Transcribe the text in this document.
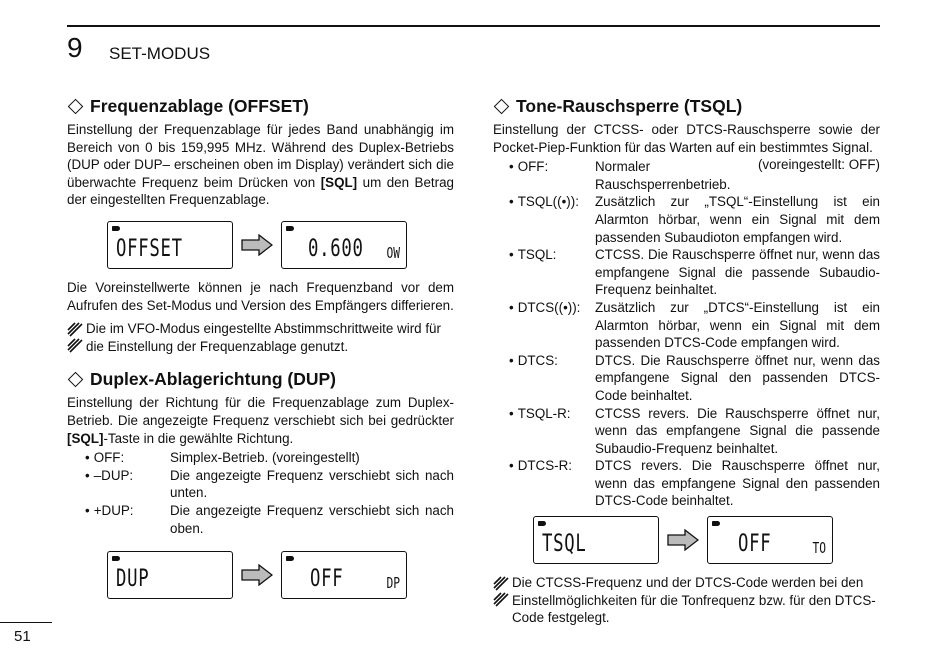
9 SET-MODUS
Frequenzablage (OFFSET)

Einstellung der Frequenzablage für jedes Band unabhängig im Bereich von 0 bis 159,995 MHz. Während des Duplex-Betriebs (DUP oder DUP– erscheinen oben im Display) verändert sich die überwachte Frequenz beim Drücken von [SQL] um den Betrag der eingestellten Frequenzablage.

OFFSET	0.600 OW

Die Voreinstellwerte können je nach Frequenzband vor dem Aufrufen des Set-Modus und Version des Empfängers differieren.

Die im VFO-Modus eingestellte Abstimmschrittweite wird für die Einstellung der Frequenzablage genutzt.

Duplex-Ablagerichtung (DUP)

Einstellung der Richtung für die Frequenzablage zum Duplex-Betrieb. Die angezeigte Frequenz verschiebt sich bei gedrückter [SQL]-Taste in die gewählte Richtung.

• OFF:	Simplex-Betrieb. (voreingestellt)
• –DUP:	Die angezeigte Frequenz verschiebt sich nach unten.
• +DUP:	Die angezeigte Frequenz verschiebt sich nach oben.
DUP	OFF	DP
Tone-Rauschsperre (TSQL)

Einstellung der CTCSS- oder DTCS-Rauschsperre sowie der Pocket-Piep-Funktion für das Warten auf ein bestimmtes Signal.
(voreingestellt: OFF)

• OFF:	Normaler Rauschsperrenbetrieb.
• TSQL((•)):	Zusätzlich zur „TSQL“-Einstellung ist ein Alarmton hörbar, wenn ein Signal mit dem passenden Subaudioton empfangen wird.
• TSQL:	CTCSS. Die Rauschsperre öffnet nur, wenn das empfangene Signal die passende Subaudio-Frequenz beinhaltet.
• DTCS((•)):	Zusätzlich zur „DTCS“-Einstellung ist ein Alarmton hörbar, wenn ein Signal mit dem passenden DTCS-Code empfangen wird.
• DTCS:	DTCS. Die Rauschsperre öffnet nur, wenn das empfangene Signal den passenden DTCS-Code beinhaltet.
• TSQL-R:	CTCSS revers. Die Rauschsperre öffnet nur, wenn das empfangene Signal die passende Subaudio-Frequenz beinhaltet.
• DTCS-R:	DTCS revers. Die Rauschsperre öffnet nur, wenn das empfangene Signal den passenden DTCS-Code beinhaltet.
TSQL	OFF	TO

Die CTCSS-Frequenz und der DTCS-Code werden bei den Einstellmöglichkeiten für die Tonfrequenz bzw. für den DTCS-Code festgelegt.

51
